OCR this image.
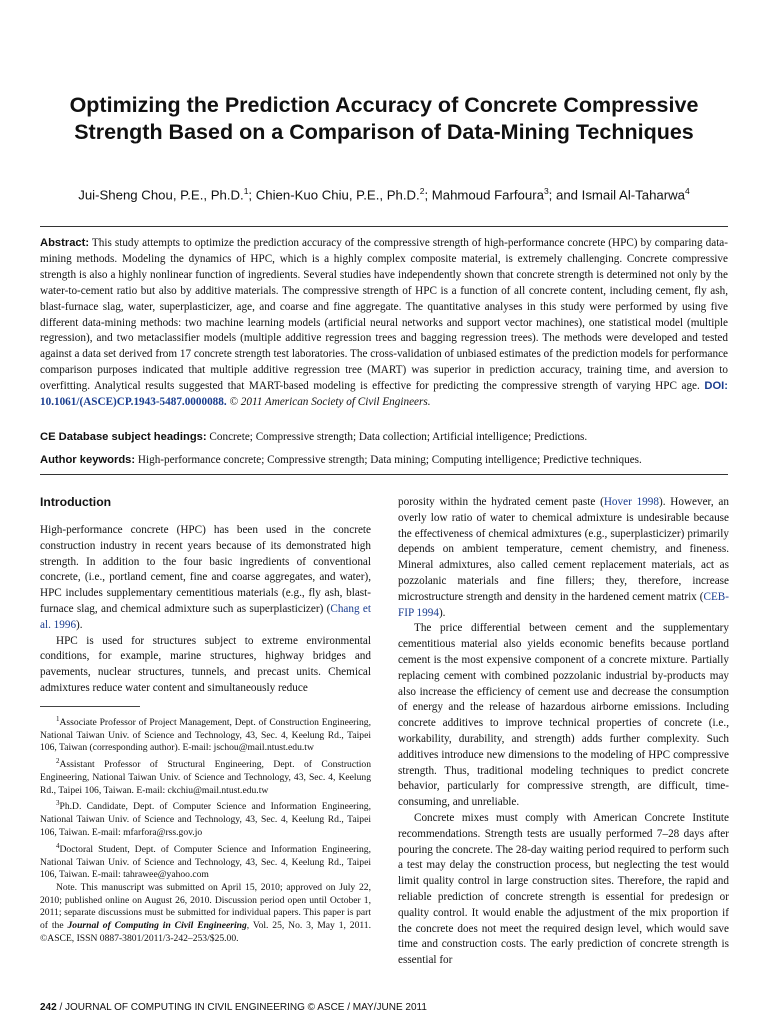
Optimizing the Prediction Accuracy of Concrete Compressive Strength Based on a Comparison of Data-Mining Techniques
Jui-Sheng Chou, P.E., Ph.D.$^1$; Chien-Kuo Chiu, P.E., Ph.D.$^2$; Mahmoud Farfoura$^3$; and Ismail Al-Taharwa$^4$

Abstract: This study attempts to optimize the prediction accuracy of the compressive strength of high-performance concrete (HPC) by comparing data-mining methods. Modeling the dynamics of HPC, which is a highly complex composite material, is extremely challenging. Concrete compressive strength is also a highly nonlinear function of ingredients. Several studies have independently shown that concrete strength is determined not only by the water-to-cement ratio but also by additive materials. The compressive strength of HPC is a function of all concrete content, including cement, fly ash, blast-furnace slag, water, superplasticizer, age, and coarse and fine aggregate. The quantitative analyses in this study were performed by using five different data-mining methods: two machine learning models (artificial neural networks and support vector machines), one statistical model (multiple regression), and two metaclassifier models (multiple additive regression trees and bagging regression trees). The methods were developed and tested against a data set derived from 17 concrete strength test laboratories. The cross-validation of unbiased estimates of the prediction models for performance comparison purposes indicated that multiple additive regression tree (MART) was superior in prediction accuracy, training time, and aversion to overfitting. Analytical results suggested that MART-based modeling is effective for predicting the compressive strength of varying HPC age. DOI: 10.1061/(ASCE)CP.1943-5487.0000088. © 2011 American Society of Civil Engineers.

CE Database subject headings: Concrete; Compressive strength; Data collection; Artificial intelligence; Predictions.

Author keywords: High-performance concrete; Compressive strength; Data mining; Computing intelligence; Predictive techniques.

Introduction

High-performance concrete (HPC) has been used in the concrete construction industry in recent years because of its demonstrated high strength. In addition to the four basic ingredients of conventional concrete, (i.e., portland cement, fine and coarse aggregates, and water), HPC includes supplementary cementitious materials (e.g., fly ash, blast-furnace slag, and chemical admixture such as superplasticizer) (Chang et al. 1996).

HPC is used for structures subject to extreme environmental conditions, for example, marine structures, highway bridges and pavements, nuclear structures, tunnels, and precast units. Chemical admixtures reduce water content and simultaneously reduce

$^1$Associate Professor of Project Management, Dept. of Construction Engineering, National Taiwan Univ. of Science and Technology, 43, Sec. 4, Keelung Rd., Taipei 106, Taiwan (corresponding author). E-mail: jschou@mail.ntust.edu.tw

$^2$Assistant Professor of Structural Engineering, Dept. of Construction Engineering, National Taiwan Univ. of Science and Technology, 43, Sec. 4, Keelung Rd., Taipei 106, Taiwan. E-mail: ckchiu@mail.ntust.edu.tw

$^3$Ph.D. Candidate, Dept. of Computer Science and Information Engineering, National Taiwan Univ. of Science and Technology, 43, Sec. 4, Keelung Rd., Taipei 106, Taiwan. E-mail: mfarfora@rss.gov.jo

$^4$Doctoral Student, Dept. of Computer Science and Information Engineering, National Taiwan Univ. of Science and Technology, 43, Sec. 4, Keelung Rd., Taipei 106, Taiwan. E-mail: tahrawee@yahoo.com

Note. This manuscript was submitted on April 15, 2010; approved on July 22, 2010; published online on August 26, 2010. Discussion period open until October 1, 2011; separate discussions must be submitted for individual papers. This paper is part of the Journal of Computing in Civil Engineering, Vol. 25, No. 3, May 1, 2011. ©ASCE, ISSN 0887-3801/2011/3-242–253/$25.00.

porosity within the hydrated cement paste (Hover 1998). However, an overly low ratio of water to chemical admixture is undesirable because the effectiveness of chemical admixtures (e.g., superplasticizer) primarily depends on ambient temperature, cement chemistry, and fineness. Mineral admixtures, also called cement replacement materials, act as pozzolanic materials and fine fillers; they, therefore, increase microstructure strength and density in the hardened cement matrix (CEB-FIP 1994).

The price differential between cement and the supplementary cementitious material also yields economic benefits because portland cement is the most expensive component of a concrete mixture. Partially replacing cement with combined pozzolanic industrial by-products may also increase the efficiency of cement use and decrease the consumption of energy and the release of hazardous airborne emissions. Including concrete additives to improve technical properties of concrete (i.e., workability, durability, and strength) adds further complexity. Such additives introduce new dimensions to the modeling of HPC compressive strength. Thus, traditional modeling techniques to predict concrete behavior, particularly for compressive strength, are difficult, time-consuming, and unreliable.

Concrete mixes must comply with American Concrete Institute recommendations. Strength tests are usually performed 7–28 days after pouring the concrete. The 28-day waiting period required to perform such a test may delay the construction process, but neglecting the test would limit quality control in large construction sites. Therefore, the rapid and reliable prediction of concrete strength is essential for predesign or quality control. It would enable the adjustment of the mix proportion if the concrete does not meet the required design level, which would save time and construction costs. The early prediction of concrete strength is essential for

242 / JOURNAL OF COMPUTING IN CIVIL ENGINEERING © ASCE / MAY/JUNE 2011
